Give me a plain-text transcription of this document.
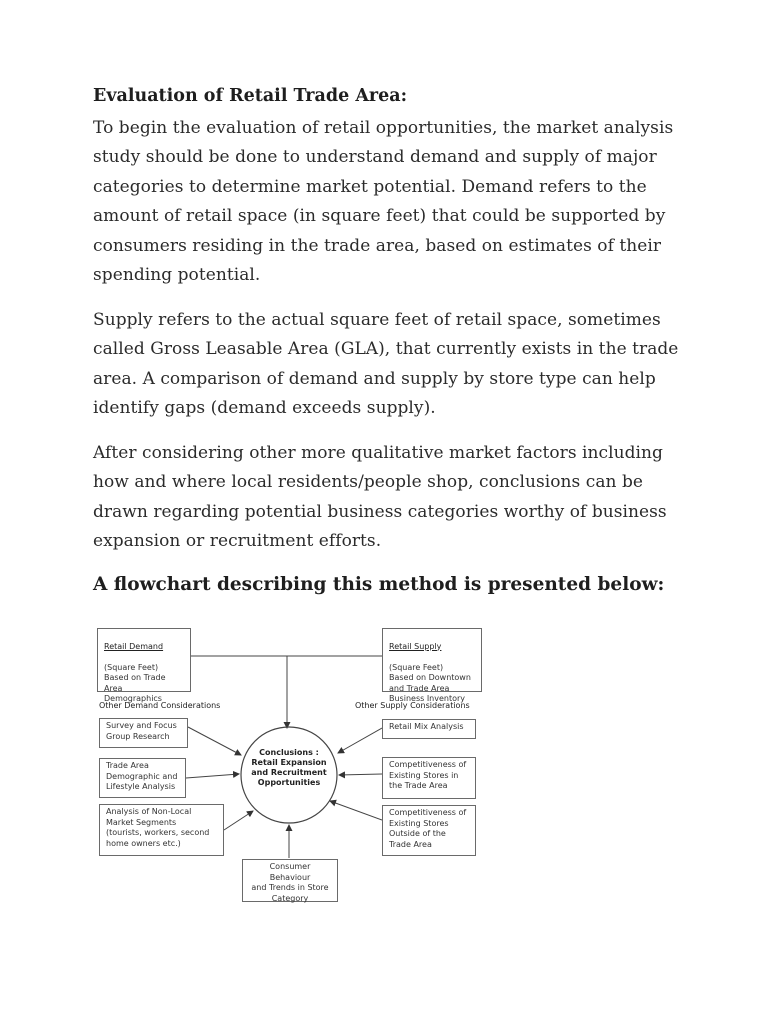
Evaluation of Retail Trade Area:
To begin the evaluation of retail opportunities, the market analysis study should be done to understand demand and supply of major categories to determine market potential. Demand refers to the amount of retail space (in square feet) that could be supported by consumers residing in the trade area, based on estimates of their spending potential.
Supply refers to the actual square feet of retail space, sometimes called Gross Leasable Area (GLA), that currently exists in the trade area. A comparison of demand and supply by store type can help identify gaps (demand exceeds supply).
After considering other more qualitative market factors including how and where local residents/people shop, conclusions can be drawn regarding potential business categories worthy of business expansion or recruitment efforts.
A flowchart describing this method is presented below:

Retail Demand

(Square Feet)
Based on Trade
Area
Demographics

Retail Supply

(Square Feet)
Based on Downtown
and Trade Area
Business Inventory

Other Demand Considerations	Other Supply Considerations
Survey and Focus
Group Research
Trade Area
Demographic and
Lifestyle Analysis
Analysis of Non-Local
Market Segments
(tourists, workers, second
home owners etc.)
Retail Mix Analysis
Competitiveness of
Existing Stores in
the Trade Area
Competitiveness of
Existing Stores
Outside of the
Trade Area
Conclusions :
Retail Expansion
and Recruitment
Opportunities
Consumer Behaviour
and Trends in Store
Category
